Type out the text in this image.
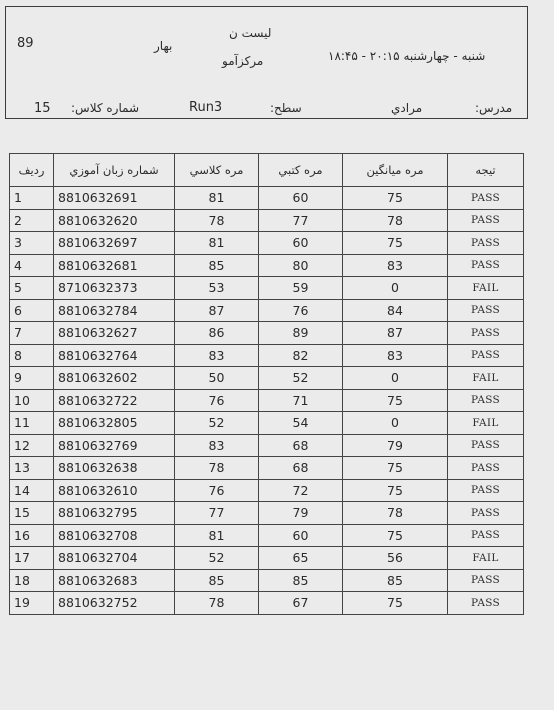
89	بهار
ليست ن
مركزآمو	شنبه - چهارشنبه ۲۰:۱۵ - ۱۸:۴۵
15 شماره كلاس:	Run3	سطح:	مرادي	مدرس:
رديف	شماره زبان آموزي	مره كلاسي	مره كتبي	مره ميانگين	تيجه
1	8810632691	81	60	75	PASS
2	8810632620	78	77	78	PASS
3	8810632697	81	60	75	PASS
4	8810632681	85	80	83	PASS
5	8710632373	53	59	0	FAIL
6	8810632784	87	76	84	PASS
7	8810632627	86	89	87	PASS
8	8810632764	83	82	83	PASS
9	8810632602	50	52	0	FAIL
10	8810632722	76	71	75	PASS
11	8810632805	52	54	0	FAIL
12	8810632769	83	68	79	PASS
13	8810632638	78	68	75	PASS
14	8810632610	76	72	75	PASS
15	8810632795	77	79	78	PASS
16	8810632708	81	60	75	PASS
17	8810632704	52	65	56	FAIL
18	8810632683	85	85	85	PASS
19	8810632752	78	67	75	PASS
